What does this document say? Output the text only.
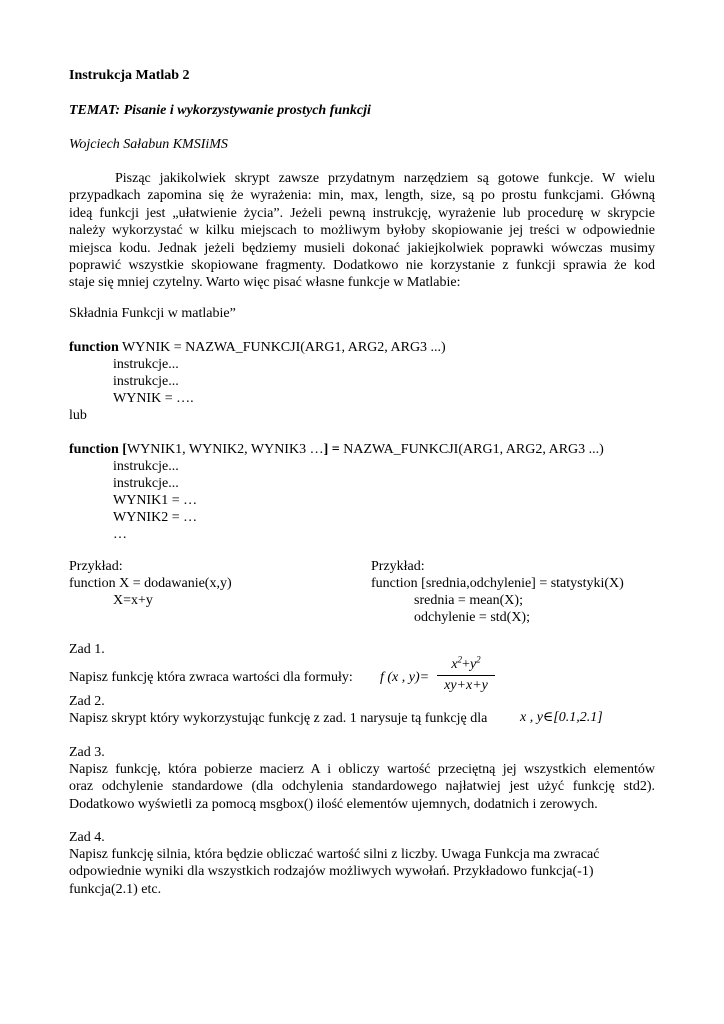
Instrukcja Matlab 2
TEMAT: Pisanie i wykorzystywanie prostych funkcji
Wojciech Sałabun KMSIiMS
Pisząc jakikolwiek skrypt zawsze przydatnym narzędziem są gotowe funkcje. W wielu
przypadkach zapomina się że wyrażenia: min, max, length, size, są po prostu funkcjami. Główną
ideą funkcji jest „ułatwienie życia”. Jeżeli pewną instrukcję, wyrażenie lub procedurę w skrypcie
należy wykorzystać w kilku miejscach to możliwym byłoby skopiowanie jej treści w odpowiednie
miejsca kodu. Jednak jeżeli będziemy musieli dokonać jakiejkolwiek poprawki wówczas musimy
poprawić wszystkie skopiowane fragmenty. Dodatkowo nie korzystanie z funkcji sprawia że kod
staje się mniej czytelny. Warto więc pisać własne funkcje w Matlabie:
Składnia Funkcji w matlabie”
function WYNIK = NAZWA_FUNKCJI(ARG1, ARG2, ARG3 ...)
instrukcje...
instrukcje...
WYNIK = ….
lub
function [WYNIK1, WYNIK2, WYNIK3 …] = NAZWA_FUNKCJI(ARG1, ARG2, ARG3 ...)
instrukcje...
instrukcje...
WYNIK1 = …
WYNIK2 = …
…
Przykład:
function X = dodawanie(x,y)
X=x+y
Przykład:
function [srednia,odchylenie] = statystyki(X)
srednia = mean(X);
odchylenie = std(X);
Zad 1.
Napisz funkcję która zwraca wartości dla formuły: f (x , y)=
$x^2+y^2$
xy+x+y
Zad 2.
Napisz skrypt który wykorzystując funkcję z zad. 1 narysuje tą funkcję dla x , y∈[0.1,2.1]
Zad 3.
Napisz funkcję, która pobierze macierz A i obliczy wartość przeciętną jej wszystkich elementów
oraz odchylenie standardowe (dla odchylenia standardowego najłatwiej jest użyć funkcję std2).
Dodatkowo wyświetli za pomocą msgbox() ilość elementów ujemnych, dodatnich i zerowych.
Zad 4.
Napisz funkcję silnia, która będzie obliczać wartość silni z liczby. Uwaga Funkcja ma zwracać
odpowiednie wyniki dla wszystkich rodzajów możliwych wywołań. Przykładowo funkcja(-1)
funkcja(2.1) etc.
